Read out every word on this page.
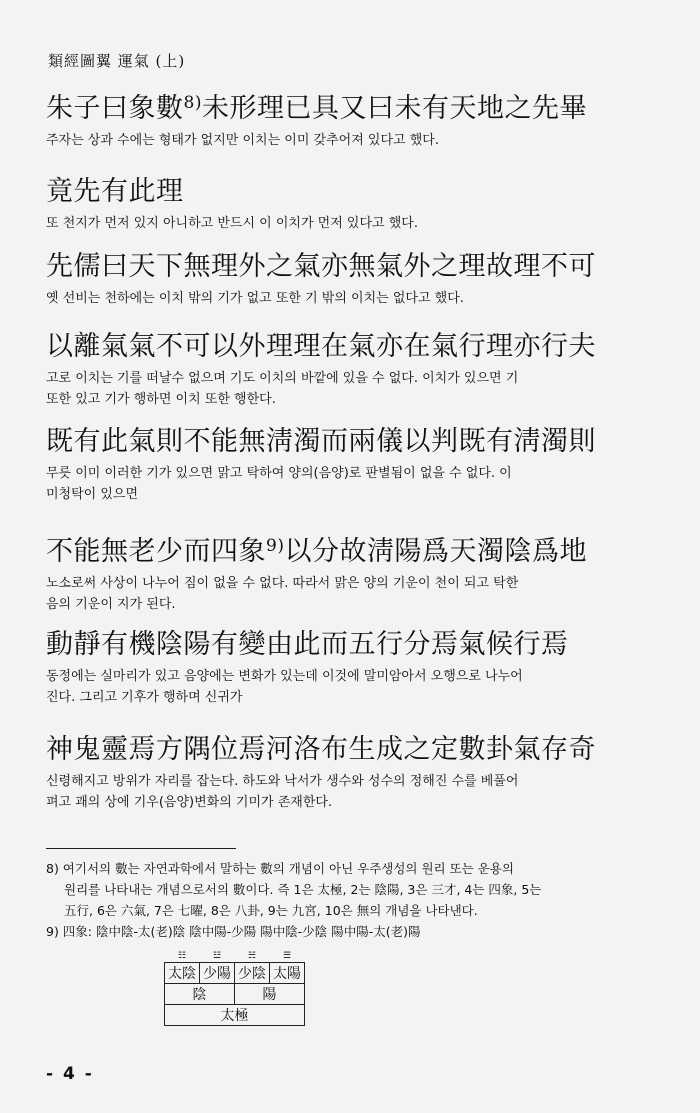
類經圖翼 運氣 (上)
朱子曰象數$^{8)}$未形理已具又曰未有天地之先畢
주자는 상과 수에는 형태가 없지만 이치는 이미 갖추어져 있다고 했다.
竟先有此理
또 천지가 먼저 있지 아니하고 반드시 이 이치가 먼저 있다고 했다.
先儒曰天下無理外之氣亦無氣外之理故理不可
옛 선비는 천하에는 이치 밖의 기가 없고 또한 기 밖의 이치는 없다고 했다.
以離氣氣不可以外理理在氣亦在氣行理亦行夫
고로 이치는 기를 떠날수 없으며 기도 이치의 바깥에 있을 수 없다. 이치가 있으면 기
또한 있고 기가 행하면 이치 또한 행한다.
既有此氣則不能無淸濁而兩儀以判既有淸濁則
무릇 이미 이러한 기가 있으면 맑고 탁하여 양의(음양)로 판별됨이 없을 수 없다. 이
미청탁이 있으면
不能無老少而四象$^{9)}$以分故淸陽爲天濁陰爲地
노소로써 사상이 나누어 짐이 없을 수 없다. 따라서 맑은 양의 기운이 천이 되고 탁한
음의 기운이 지가 된다.
動靜有機陰陽有變由此而五行分焉氣候行焉
동정에는 실마리가 있고 음양에는 변화가 있는데 이것에 말미암아서 오행으로 나누어
진다. 그리고 기후가 행하며 신귀가
神鬼靈焉方隅位焉河洛布生成之定數卦氣存奇
신령해지고 방위가 자리를 잡는다. 하도와 낙서가 생수와 성수의 정해진 수를 베풀어
펴고 괘의 상에 기우(음양)변화의 기미가 존재한다.
8) 여기서의 數는 자연과학에서 말하는 數의 개념이 아닌 우주생성의 원리 또는 운용의
원리를 나타내는 개념으로서의 數이다. 즉 1은 太極, 2는 陰陽, 3은 三才, 4는 四象, 5는
五行, 6은 六氣, 7은 七曜, 8은 八卦, 9는 九宮, 10은 無의 개념을 나타낸다.
9) 四象: 陰中陰-太(老)陰 陰中陽-少陽 陽中陰-少陰 陽中陽-太(老)陽
☷	☳	☵	☰
太陰	少陽	少陰	太陽
陰		陽	
太極			
- 4 -
